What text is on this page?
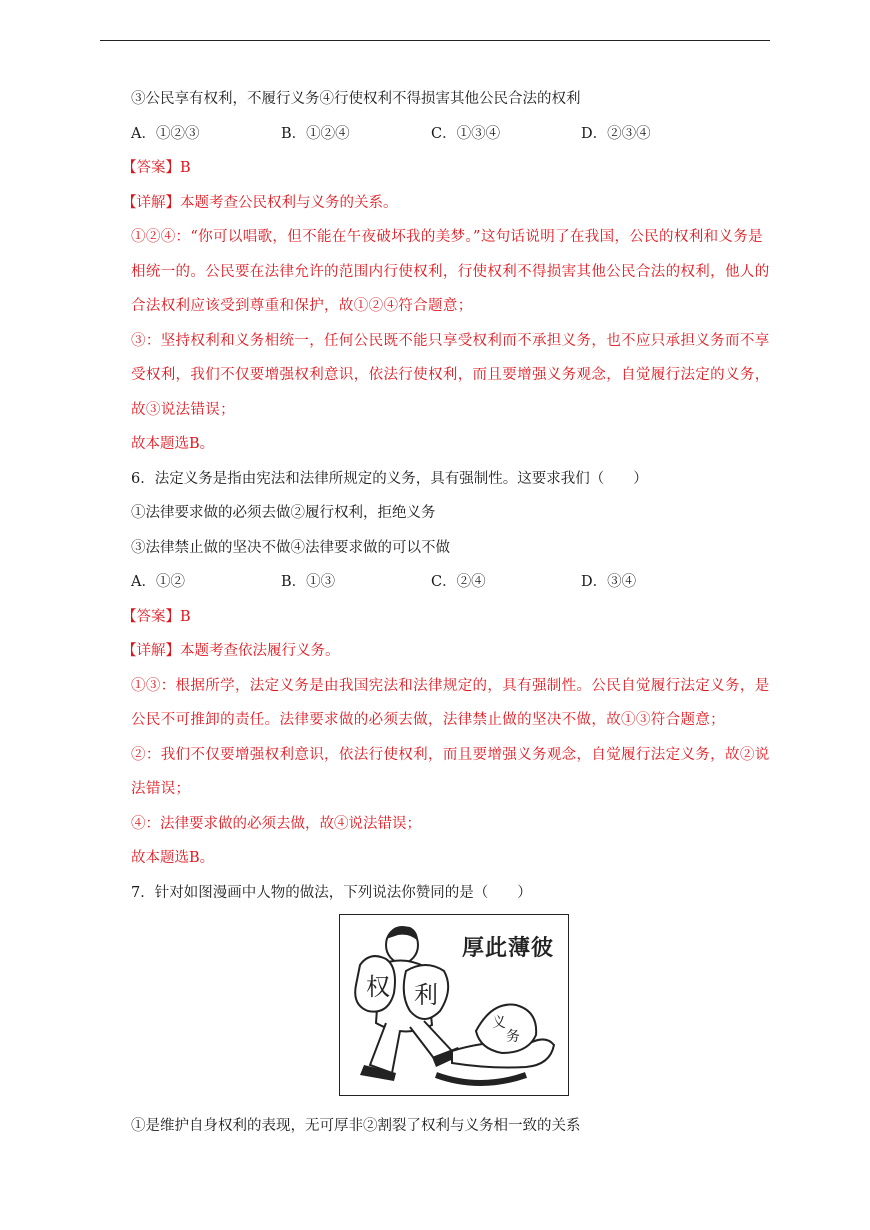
③公民享有权利，不履行义务④行使权利不得损害其他公民合法的权利
A．①②③	B．①②④	C．①③④	D．②③④
【答案】B
【详解】本题考查公民权利与义务的关系。
①②④：“你可以唱歌，但不能在午夜破坏我的美梦。”这句话说明了在我国，公民的权利和义务是相统一的。公民要在法律允许的范围内行使权利，行使权利不得损害其他公民合法的权利，他人的合法权利应该受到尊重和保护，故①②④符合题意；
③：坚持权利和义务相统一，任何公民既不能只享受权利而不承担义务，也不应只承担义务而不享受权利，我们不仅要增强权利意识，依法行使权利，而且要增强义务观念，自觉履行法定的义务，故③说法错误；
故本题选B。
6．法定义务是指由宪法和法律所规定的义务，具有强制性。这要求我们（　　）
①法律要求做的必须去做②履行权利，拒绝义务
③法律禁止做的坚决不做④法律要求做的可以不做
A．①②	B．①③	C．②④	D．③④
【答案】B
【详解】本题考查依法履行义务。
①③：根据所学，法定义务是由我国宪法和法律规定的，具有强制性。公民自觉履行法定义务，是公民不可推卸的责任。法律要求做的必须去做，法律禁止做的坚决不做，故①③符合题意；
②：我们不仅要增强权利意识，依法行使权利，而且要增强义务观念，自觉履行法定义务，故②说法错误；
④：法律要求做的必须去做，故④说法错误；
故本题选B。
7．针对如图漫画中人物的做法，下列说法你赞同的是（　　）
厚此薄彼
权 利
义
务
①是维护自身权利的表现，无可厚非②割裂了权利与义务相一致的关系
